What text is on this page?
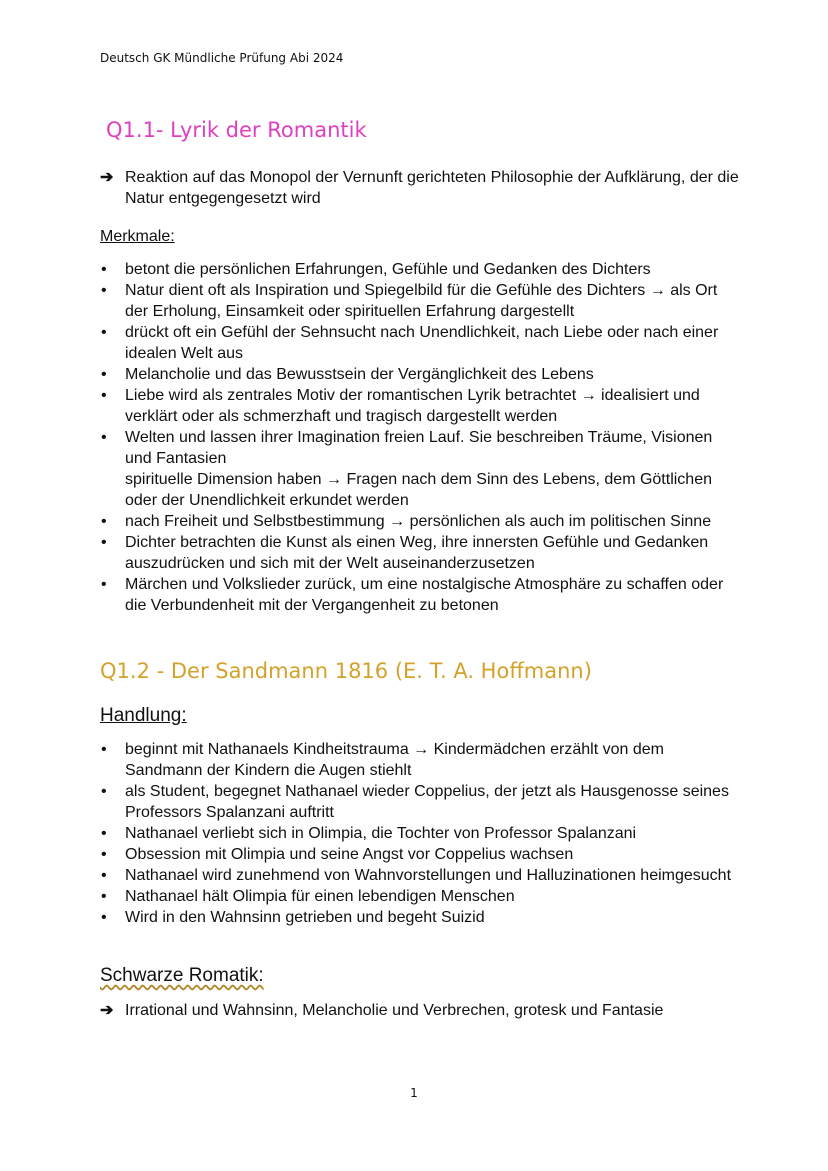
Deutsch GK Mündliche Prüfung Abi 2024
Q1.1- Lyrik der Romantik
➔ Reaktion auf das Monopol der Vernunft gerichteten Philosophie der Aufklärung, der die Natur entgegengesetzt wird
Merkmale:
• betont die persönlichen Erfahrungen, Gefühle und Gedanken des Dichters
• Natur dient oft als Inspiration und Spiegelbild für die Gefühle des Dichters → als Ort der Erholung, Einsamkeit oder spirituellen Erfahrung dargestellt
• drückt oft ein Gefühl der Sehnsucht nach Unendlichkeit, nach Liebe oder nach einer idealen Welt aus
• Melancholie und das Bewusstsein der Vergänglichkeit des Lebens
• Liebe wird als zentrales Motiv der romantischen Lyrik betrachtet → idealisiert und verklärt oder als schmerzhaft und tragisch dargestellt werden
• Welten und lassen ihrer Imagination freien Lauf. Sie beschreiben Träume, Visionen und Fantasien
spirituelle Dimension haben → Fragen nach dem Sinn des Lebens, dem Göttlichen oder der Unendlichkeit erkundet werden
• nach Freiheit und Selbstbestimmung → persönlichen als auch im politischen Sinne
• Dichter betrachten die Kunst als einen Weg, ihre innersten Gefühle und Gedanken auszudrücken und sich mit der Welt auseinanderzusetzen
• Märchen und Volkslieder zurück, um eine nostalgische Atmosphäre zu schaffen oder die Verbundenheit mit der Vergangenheit zu betonen
Q1.2 - Der Sandmann 1816 (E. T. A. Hoffmann)
Handlung:
• beginnt mit Nathanaels Kindheitstrauma → Kindermädchen erzählt von dem Sandmann der Kindern die Augen stiehlt
• als Student, begegnet Nathanael wieder Coppelius, der jetzt als Hausgenosse seines Professors Spalanzani auftritt
• Nathanael verliebt sich in Olimpia, die Tochter von Professor Spalanzani
• Obsession mit Olimpia und seine Angst vor Coppelius wachsen
• Nathanael wird zunehmend von Wahnvorstellungen und Halluzinationen heimgesucht
• Nathanael hält Olimpia für einen lebendigen Menschen
• Wird in den Wahnsinn getrieben und begeht Suizid
Schwarze Romatik:
➔ Irrational und Wahnsinn, Melancholie und Verbrechen, grotesk und Fantasie
1
